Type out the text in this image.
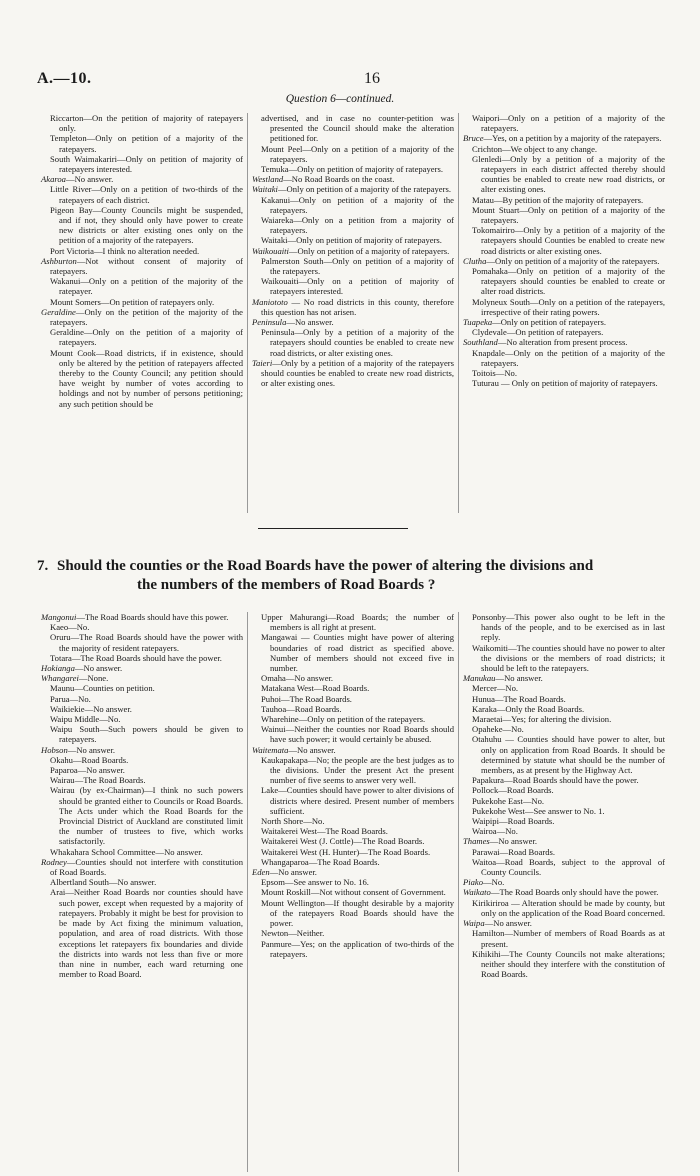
A.—10.	16
Question 6—continued.

Riccarton—On the petition of majority of ratepayers only.

Templeton—Only on petition of a majority of the ratepayers.

South Waimakariri—Only on petition of majority of ratepayers interested.

Akaroa—No answer.

Little River—Only on a petition of two-thirds of the ratepayers of each district.

Pigeon Bay—County Councils might be suspended, and if not, they should only have power to create new districts or alter existing ones only on the petition of a majority of the ratepayers.

Port Victoria—I think no alteration needed.

Ashburton—Not without consent of majority of ratepayers.

Wakanui—Only on a petition of the majority of the ratepayer.

Mount Somers—On petition of ratepayers only.

Geraldine—Only on the petition of the majority of the ratepayers.

Geraldine—Only on the petition of a majority of ratepayers.

Mount Cook—Road districts, if in existence, should only be altered by the petition of ratepayers affected thereby to the County Council; any petition should have weight by number of votes according to holdings and not by number of persons petitioning; any such petition should be

advertised, and in case no counter-petition was presented the Council should make the alteration petitioned for.

Mount Peel—Only on a petition of a majority of the ratepayers.

Temuka—Only on petition of majority of ratepayers.

Westland—No Road Boards on the coast.

Waitaki—Only on petition of a majority of the ratepayers.

Kakanui—Only on petition of a majority of the ratepayers.

Waiareka—Only on a petition from a majority of ratepayers.

Waitaki—Only on petition of majority of ratepayers.

Waikouaiti—Only on petition of a majority of ratepayers.

Palmerston South—Only on petition of a majority of the ratepayers.

Waikouaiti—Only on a petition of majority of ratepayers interested.

Maniototo — No road districts in this county, therefore this question has not arisen.

Peninsula—No answer.

Peninsula—Only by a petition of a majority of the ratepayers should counties be enabled to create new road districts, or alter existing ones.

Taieri—Only by a petition of a majority of the ratepayers should counties be enabled to create new road districts, or alter existing ones.

Waipori—Only on a petition of a majority of the ratepayers.

Bruce—Yes, on a petition by a majority of the ratepayers.

Crichton—We object to any change.

Glenledi—Only by a petition of a majority of the ratepayers in each district affected thereby should counties be enabled to create new road districts, or alter existing ones.

Matau—By petition of the majority of ratepayers.

Mount Stuart—Only on petition of a majority of the ratepayers.

Tokomairiro—Only by a petition of a majority of the ratepayers should Counties be enabled to create new road districts or alter existing ones.

Clutha—Only on petition of a majority of the ratepayers.

Pomahaka—Only on petition of a majority of the ratepayers should counties be enabled to create or alter road districts.

Molyneux South—Only on a petition of the ratepayers, irrespective of their rating powers.

Tuapeka—Only on petition of ratepayers.

Clydevale—On petition of ratepayers.

Southland—No alteration from present process.

Knapdale—Only on the petition of a majority of the ratepayers.

Toitois—No.

Tuturau — Only on petition of majority of ratepayers.

7. Should the counties or the Road Boards have the power of altering the divisions and
the numbers of the members of Road Boards ?

Mangonui—The Road Boards should have this power.

Kaeo—No.

Oruru—The Road Boards should have the power with the majority of resident ratepayers.

Totara—The Road Boards should have the power.

Hokianga—No answer.

Whangarei—None.

Maunu—Counties on petition.

Parua—No.

Waikiekie—No answer.

Waipu Middle—No.

Waipu South—Such powers should be given to ratepayers.

Hobson—No answer.

Okahu—Road Boards.

Paparoa—No answer.

Wairau—The Road Boards.

Wairau (by ex-Chairman)—I think no such powers should be granted either to Councils or Road Boards. The Acts under which the Road Boards for the Provincial District of Auckland are constituted limit the number of trustees to five, which works satisfactorily.

Whakahara School Committee—No answer.

Rodney—Counties should not interfere with constitution of Road Boards.

Albertland South—No answer.

Arai—Neither Road Boards nor counties should have such power, except when requested by a majority of ratepayers. Probably it might be best for provision to be made by Act fixing the minimum valuation, population, and area of road districts. With those exceptions let ratepayers fix boundaries and divide the districts into wards not less than five or more than nine in number, each ward returning one member to Road Board.

Upper Mahurangi—Road Boards; the number of members is all right at present.

Mangawai — Counties might have power of altering boundaries of road district as specified above. Number of members should not exceed five in number.

Omaha—No answer.

Matakana West—Road Boards.

Puhoi—The Road Boards.

Tauhoa—Road Boards.

Wharehine—Only on petition of the ratepayers.

Wainui—Neither the counties nor Road Boards should have such power; it would certainly be abused.

Waitemata—No answer.

Kaukapakapa—No; the people are the best judges as to the divisions. Under the present Act the present number of five seems to answer very well.

Lake—Counties should have power to alter divisions of districts where desired. Present number of members sufficient.

North Shore—No.

Waitakerei West—The Road Boards.

Waitakerei West (J. Cottle)—The Road Boards.

Waitakerei West (H. Hunter)—The Road Boards.

Whangaparoa—The Road Boards.

Eden—No answer.

Epsom—See answer to No. 16.

Mount Roskill—Not without consent of Government.

Mount Wellington—If thought desirable by a majority of the ratepayers Road Boards should have the power.

Newton—Neither.

Panmure—Yes; on the application of two-thirds of the ratepayers.

Ponsonby—This power also ought to be left in the hands of the people, and to be exercised as in last reply.

Waikomiti—The counties should have no power to alter the divisions or the members of road districts; it should be left to the ratepayers.

Manukau—No answer.

Mercer—No.

Hunua—The Road Boards.

Karaka—Only the Road Boards.

Maraetai—Yes; for altering the division.

Opaheke—No.

Otahuhu — Counties should have power to alter, but only on application from Road Boards. It should be determined by statute what should be the number of members, as at present by the Highway Act.

Papakura—Road Boards should have the power.

Pollock—Road Boards.

Pukekohe East—No.

Pukekohe West—See answer to No. 1.

Waipipi—Road Boards.

Wairoa—No.

Thames—No answer.

Parawai—Road Boards.

Waitoa—Road Boards, subject to the approval of County Councils.

Piako—No.

Waikato—The Road Boards only should have the power.

Kirikiriroa — Alteration should be made by county, but only on the application of the Road Board concerned.

Waipa—No answer.

Hamilton—Number of members of Road Boards as at present.

Kihikihi—The County Councils not make alterations; neither should they interfere with the constitution of Road Boards.
